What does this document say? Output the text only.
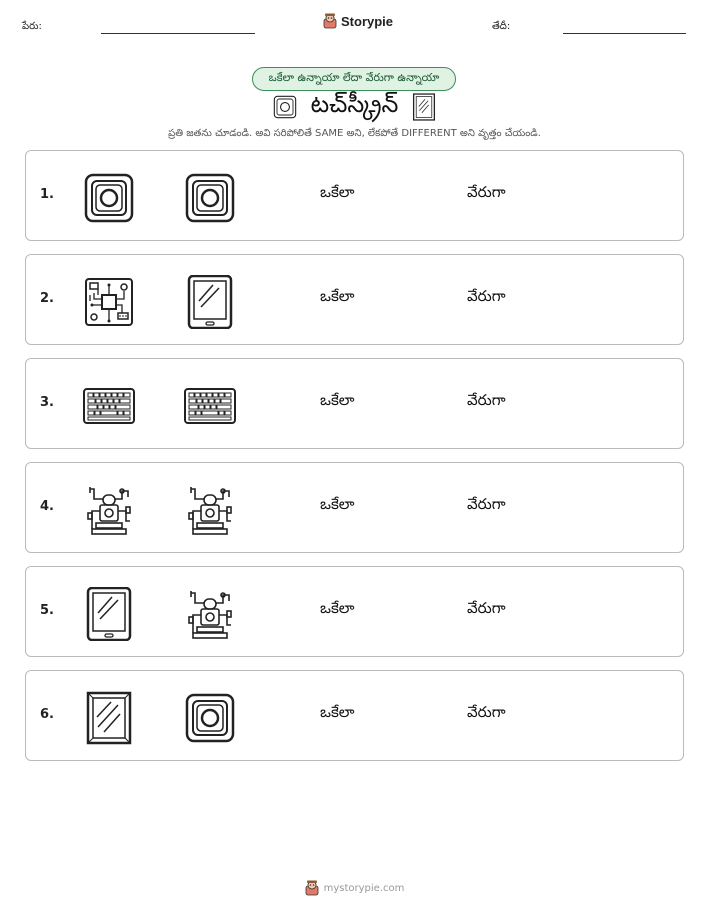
పేరు:	Storypie	తేదీ:
ఒకేలా ఉన్నాయా లేదా వేరుగా ఉన్నాయా
టచ్‌స్క్రీన్
ప్రతి జతను చూడండి. అవి సరిపోలితే SAME అని, లేకపోతే DIFFERENT అని వృత్తం చేయండి.
1.	ఒకేలా	వేరుగా
2.	ఒకేలా	వేరుగా
3.	ఒకేలా	వేరుగా
4.	ఒకేలా	వేరుగా
5.	ఒకేలా	వేరుగా
6.	ఒకేలా	వేరుగా
mystorypie.com
